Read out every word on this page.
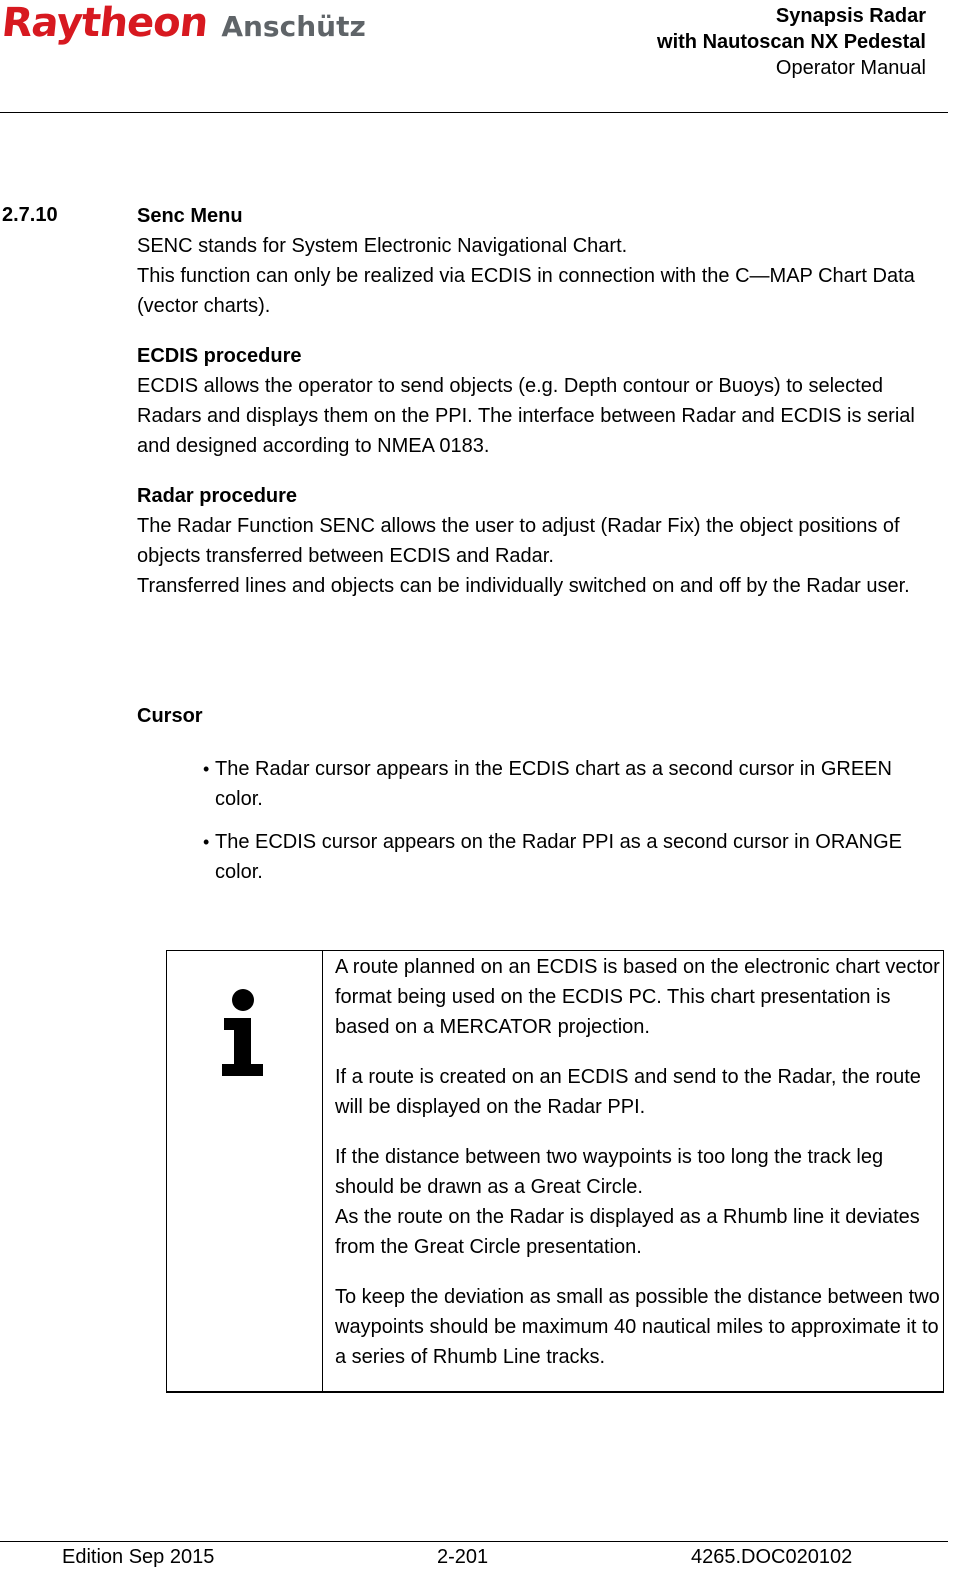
Raytheon Anschütz	Synapsis Radar
with Nautoscan NX Pedestal
Operator Manual
2.7.10	Senc Menu

SENC stands for System Electronic Navigational Chart.

This function can only be realized via ECDIS in connection with the C—MAP Chart Data (vector charts).

ECDIS procedure

ECDIS allows the operator to send objects (e.g. Depth contour or Buoys) to selected Radars and displays them on the PPI. The interface between Radar and ECDIS is serial and designed according to NMEA 0183.

Radar procedure

The Radar Function SENC allows the user to adjust (Radar Fix) the object positions of objects transferred between ECDIS and Radar.

Transferred lines and objects can be individually switched on and off by the Radar user.

Cursor

• The Radar cursor appears in the ECDIS chart as a second cursor in GREEN color.
• The ECDIS cursor appears on the Radar PPI as a second cursor in ORANGE color.

A route planned on an ECDIS is based on the electronic chart vector format being used on the ECDIS PC. This chart presentation is based on a MERCATOR projection.

If a route is created on an ECDIS and send to the Radar, the route will be displayed on the Radar PPI.

If the distance between two waypoints is too long the track leg should be drawn as a Great Circle.

As the route on the Radar is displayed as a Rhumb line it deviates from the Great Circle presentation.

To keep the deviation as small as possible the distance between two waypoints should be maximum 40 nautical miles to approximate it to a series of Rhumb Line tracks.

Edition Sep 2015	2-201	4265.DOC020102
